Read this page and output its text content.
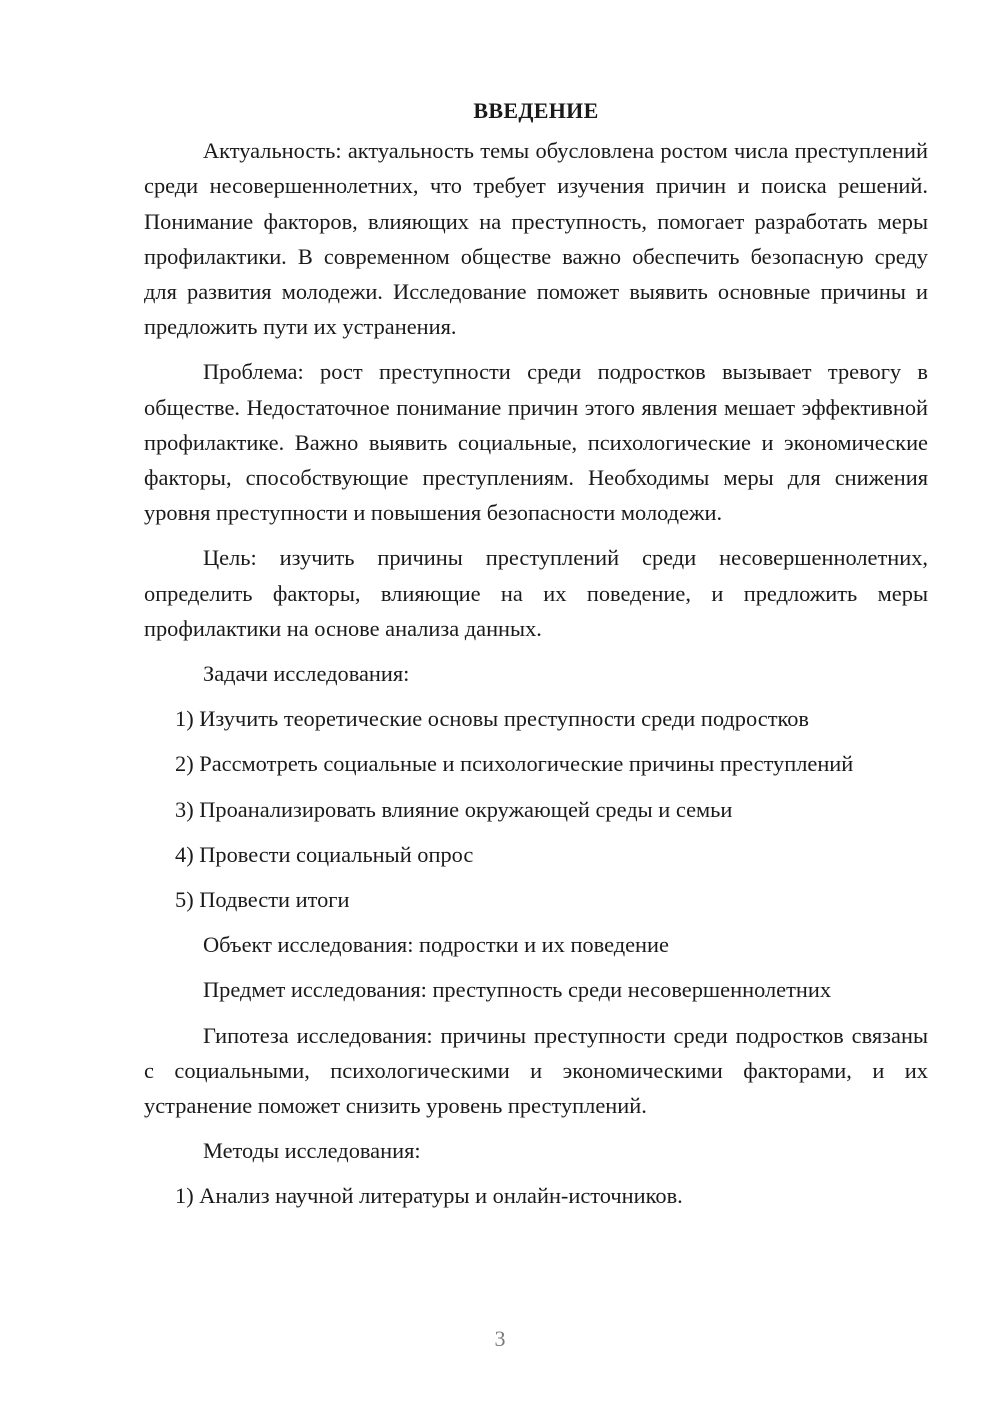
ВВЕДЕНИЕ

Актуальность: актуальность темы обусловлена ростом числа преступлений среди несовершеннолетних, что требует изучения причин и поиска решений. Понимание факторов, влияющих на преступность, помогает разработать меры профилактики. В современном обществе важно обеспечить безопасную среду для развития молодежи. Исследование поможет выявить основные причины и предложить пути их устранения.

Проблема: рост преступности среди подростков вызывает тревогу в обществе. Недостаточное понимание причин этого явления мешает эффективной профилактике. Важно выявить социальные, психологические и экономические факторы, способствующие преступлениям. Необходимы меры для снижения уровня преступности и повышения безопасности молодежи.

Цель: изучить причины преступлений среди несовершеннолетних, определить факторы, влияющие на их поведение, и предложить меры профилактики на основе анализа данных.

Задачи исследования:

1) Изучить теоретические основы преступности среди подростков

2) Рассмотреть социальные и психологические причины преступлений

3) Проанализировать влияние окружающей среды и семьи

4) Провести социальный опрос

5) Подвести итоги

Объект исследования: подростки и их поведение

Предмет исследования: преступность среди несовершеннолетних

Гипотеза исследования: причины преступности среди подростков связаны с социальными, психологическими и экономическими факторами, и их устранение поможет снизить уровень преступлений.

Методы исследования:

1) Анализ научной литературы и онлайн-источников.

3
